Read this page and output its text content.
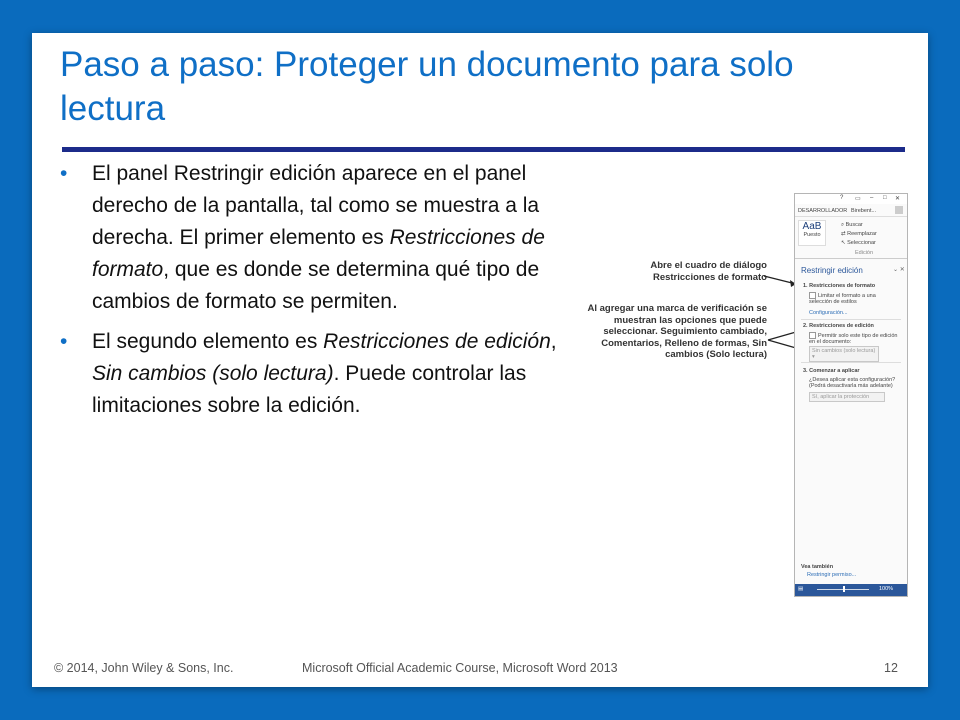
Paso a paso: Proteger un documento para solo lectura
• El panel Restringir edición aparece en el panel derecho de la pantalla, tal como se muestra a la derecha. El primer elemento es Restricciones de formato, que es donde se determina qué tipo de cambios de formato se permiten.
• El segundo elemento es Restricciones de edición, Sin cambios (solo lectura). Puede controlar las limitaciones sobre la edición.
Abre el cuadro de diálogo Restricciones de formato
Al agregar una marca de verificación se muestran las opciones que puede seleccionar. Seguimiento cambiado, Comentarios, Relleno de formas, Sin cambios (Solo lectura)
? ▭ – □ ✕
DESARROLLADOR Birebent...
AaB
Puesto
⌕ Buscar
⇄ Reemplazar
↖ Seleccionar
Edición
Restringir edición	⌄ ✕
1. Restricciones de formato
Limitar el formato a una selección de estilos
Configuración...
2. Restricciones de edición
Permitir solo este tipo de edición en el documento:
Sin cambios (solo lectura) ▾
3. Comenzar a aplicar
¿Desea aplicar esta configuración? (Podrá desactivarla más adelante)
Sí, aplicar la protección
Vea también
Restringir permiso...
▤	100%
© 2014, John Wiley & Sons, Inc.	Microsoft Official Academic Course, Microsoft Word 2013	12
